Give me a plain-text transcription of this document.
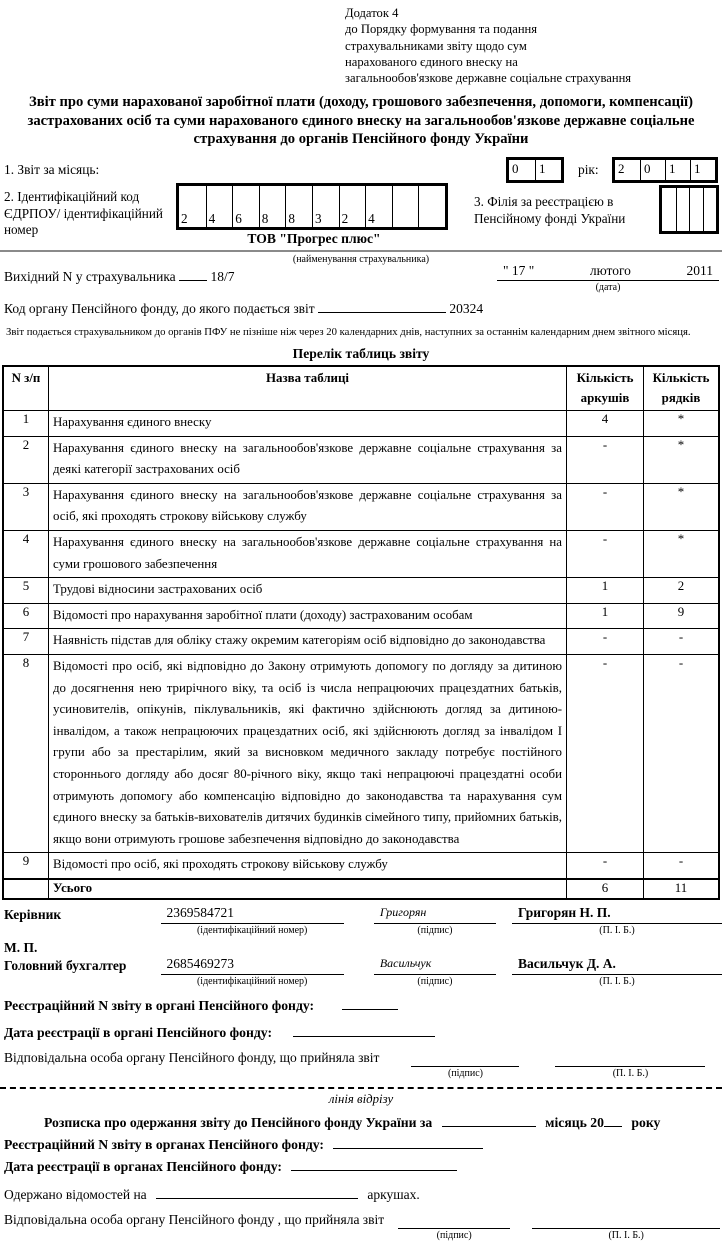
Додаток 4
до Порядку формування та подання
страхувальниками звіту щодо сум
нарахованого єдиного внеску на
загальнообов'язкове державне соціальне страхування
Звіт про суми нарахованої заробітної плати (доходу, грошового забезпечення, допомоги, компенсації) застрахованих осіб та суми нарахованого єдиного внеску на загальнообов'язкове державне соціальне страхування до органів Пенсійного фонду України
1. Звіт за місяць:	0	1	рік: 2	0	1	1
2. Ідентифікаційний код
ЄДРПОУ/ ідентифікаційний
номер
2 4 6 8 8 3 2 4
3. Філія за реєстрацією в
Пенсійному фонді України
ТОВ "Прогрес плюс"
(найменування страхувальника)
Вихідний N у страхувальника	18/7	" 17 "	лютого	2011
(дата)
Код органу Пенсійного фонду, до якого подається звіт	20324
Звіт подається страхувальником до органів ПФУ не пізніше ніж через 20 календарних днів, наступних за останнім календарним днем звітного місяця.
Перелік таблиць звіту
N з/п	Назва таблиці	Кількість аркушів	Кількість рядків
1	Нарахування єдиного внеску	4	*
2	Нарахування єдиного внеску на загальнообов'язкове державне соціальне страхування за деякі категорії застрахованих осіб	-	*
3	Нарахування єдиного внеску на загальнообов'язкове державне соціальне страхування за осіб, які проходять строкову військову службу	-	*
4	Нарахування єдиного внеску на загальнообов'язкове державне соціальне страхування на суми грошового забезпечення	-	*
5	Трудові відносини застрахованих осіб	1	2
6	Відомості про нарахування заробітної плати (доходу) застрахованим особам	1	9
7	Наявність підстав для обліку стажу окремим категоріям осіб відповідно до законодавства	-	-
8	Відомості про осіб, які відповідно до Закону отримують допомогу по догляду за дитиною до досягнення нею трирічного віку, та осіб із числа непрацюючих працездатних батьків, усиновителів, опікунів, піклувальників, які фактично здійснюють догляд за дитиною-інвалідом, а також непрацюючих працездатних осіб, які здійснюють догляд за інвалідом І групи або за престарілим, який за висновком медичного закладу потребує постійного стороннього догляду або досяг 80-річного віку, якщо такі непрацюючі працездатні особи отримують допомогу або компенсацію відповідно до законодавства та нарахування сум єдиного внеску за батьків-вихователів дитячих будинків сімейного типу, прийомних батьків, якщо вони отримують грошове забезпечення відповідно до законодавства	-	-
9	Відомості про осіб, які проходять строкову військову службу	-	-
	Усього	6	11
Керівник	2369584721
(ідентифікаційний номер)
Григорян
(підпис)
Григорян Н. П.
(П. І. Б.)
М. П.
Головний бухгалтер	2685469273
(ідентифікаційний номер)
Васильчук
(підпис)
Васильчук Д. А.
(П. І. Б.)
Реєстраційний N звіту в органі Пенсійного фонду:
Дата реєстрації в органі Пенсійного фонду:
Відповідальна особа органу Пенсійного фонду, що прийняла звіт
(підпис)	(П. І. Б.)
лінія відрізу
Розписка про одержання звіту до Пенсійного фонду України за	місяць 20 року
Реєстраційний N звіту в органах Пенсійного фонду:
Дата реєстрації в органах Пенсійного фонду:
Одержано відомостей на	аркушах.
Відповідальна особа органу Пенсійного фонду , що прийняла звіт
(підпис)	(П. І. Б.)
